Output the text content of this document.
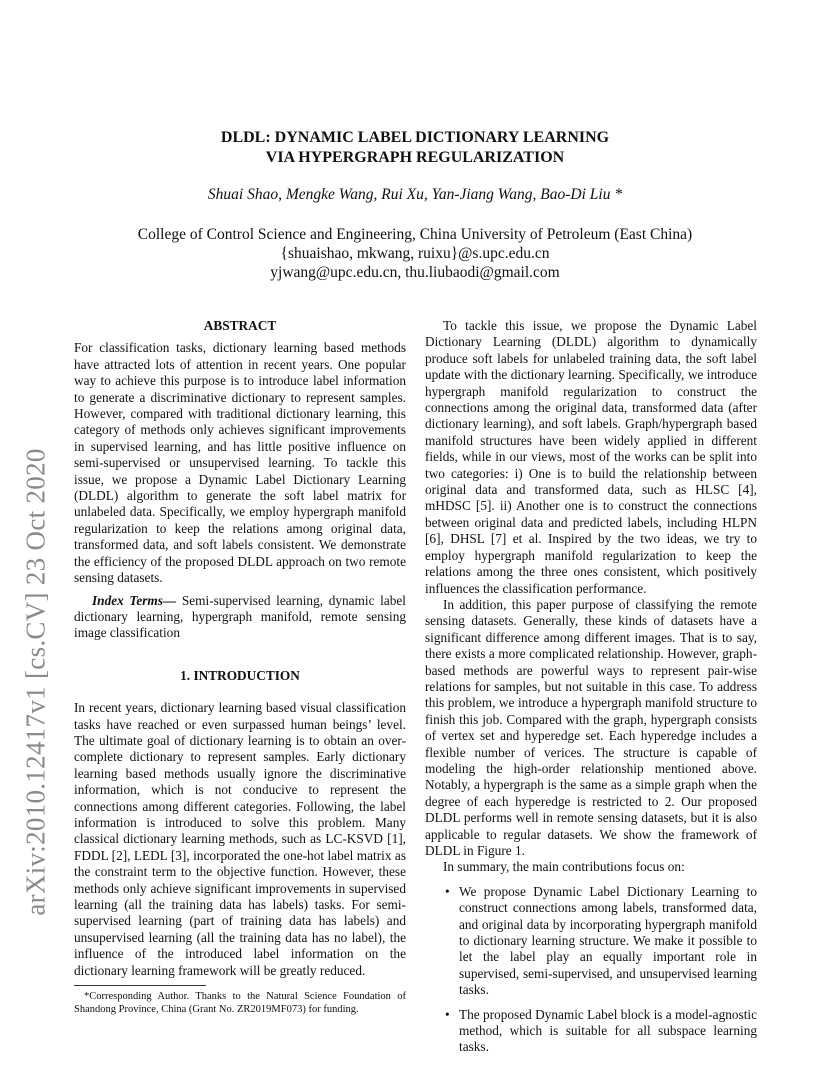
arXiv:2010.12417v1 [cs.CV] 23 Oct 2020
DLDL: DYNAMIC LABEL DICTIONARY LEARNING
VIA HYPERGRAPH REGULARIZATION
Shuai Shao, Mengke Wang, Rui Xu, Yan-Jiang Wang, Bao-Di Liu *
College of Control Science and Engineering, China University of Petroleum (East China)
{shuaishao, mkwang, ruixu}@s.upc.edu.cn
yjwang@upc.edu.cn, thu.liubaodi@gmail.com
ABSTRACT

For classification tasks, dictionary learning based methods have attracted lots of attention in recent years. One popular way to achieve this purpose is to introduce label information to generate a discriminative dictionary to represent samples. However, compared with traditional dictionary learning, this category of methods only achieves significant improvements in supervised learning, and has little positive influence on semi-supervised or unsupervised learning. To tackle this issue, we propose a Dynamic Label Dictionary Learning (DLDL) algorithm to generate the soft label matrix for unlabeled data. Specifically, we employ hypergraph manifold regularization to keep the relations among original data, transformed data, and soft labels consistent. We demonstrate the efficiency of the proposed DLDL approach on two remote sensing datasets.

Index Terms— Semi-supervised learning, dynamic label dictionary learning, hypergraph manifold, remote sensing image classification

1. INTRODUCTION

In recent years, dictionary learning based visual classification tasks have reached or even surpassed human beings’ level. The ultimate goal of dictionary learning is to obtain an over-complete dictionary to represent samples. Early dictionary learning based methods usually ignore the discriminative information, which is not conducive to represent the connections among different categories. Following, the label information is introduced to solve this problem. Many classical dictionary learning methods, such as LC-KSVD [1], FDDL [2], LEDL [3], incorporated the one-hot label matrix as the constraint term to the objective function. However, these methods only achieve significant improvements in supervised learning (all the training data has labels) tasks. For semi-supervised learning (part of training data has labels) and unsupervised learning (all the training data has no label), the influence of the introduced label information on the dictionary learning framework will be greatly reduced.

*Corresponding Author. Thanks to the Natural Science Foundation of Shandong Province, China (Grant No. ZR2019MF073) for funding.

To tackle this issue, we propose the Dynamic Label Dictionary Learning (DLDL) algorithm to dynamically produce soft labels for unlabeled training data, the soft label update with the dictionary learning. Specifically, we introduce hypergraph manifold regularization to construct the connections among the original data, transformed data (after dictionary learning), and soft labels. Graph/hypergraph based manifold structures have been widely applied in different fields, while in our views, most of the works can be split into two categories: i) One is to build the relationship between original data and transformed data, such as HLSC [4], mHDSC [5]. ii) Another one is to construct the connections between original data and predicted labels, including HLPN [6], DHSL [7] et al. Inspired by the two ideas, we try to employ hypergraph manifold regularization to keep the relations among the three ones consistent, which positively influences the classification performance.

In addition, this paper purpose of classifying the remote sensing datasets. Generally, these kinds of datasets have a significant difference among different images. That is to say, there exists a more complicated relationship. However, graph-based methods are powerful ways to represent pair-wise relations for samples, but not suitable in this case. To address this problem, we introduce a hypergraph manifold structure to finish this job. Compared with the graph, hypergraph consists of vertex set and hyperedge set. Each hyperedge includes a flexible number of verices. The structure is capable of modeling the high-order relationship mentioned above. Notably, a hypergraph is the same as a simple graph when the degree of each hyperedge is restricted to 2. Our proposed DLDL performs well in remote sensing datasets, but it is also applicable to regular datasets. We show the framework of DLDL in Figure 1.

In summary, the main contributions focus on:

• We propose Dynamic Label Dictionary Learning to construct connections among labels, transformed data, and original data by incorporating hypergraph manifold to dictionary learning structure. We make it possible to let the label play an equally important role in supervised, semi-supervised, and unsupervised learning tasks.
• The proposed Dynamic Label block is a model-agnostic method, which is suitable for all subspace learning tasks.
